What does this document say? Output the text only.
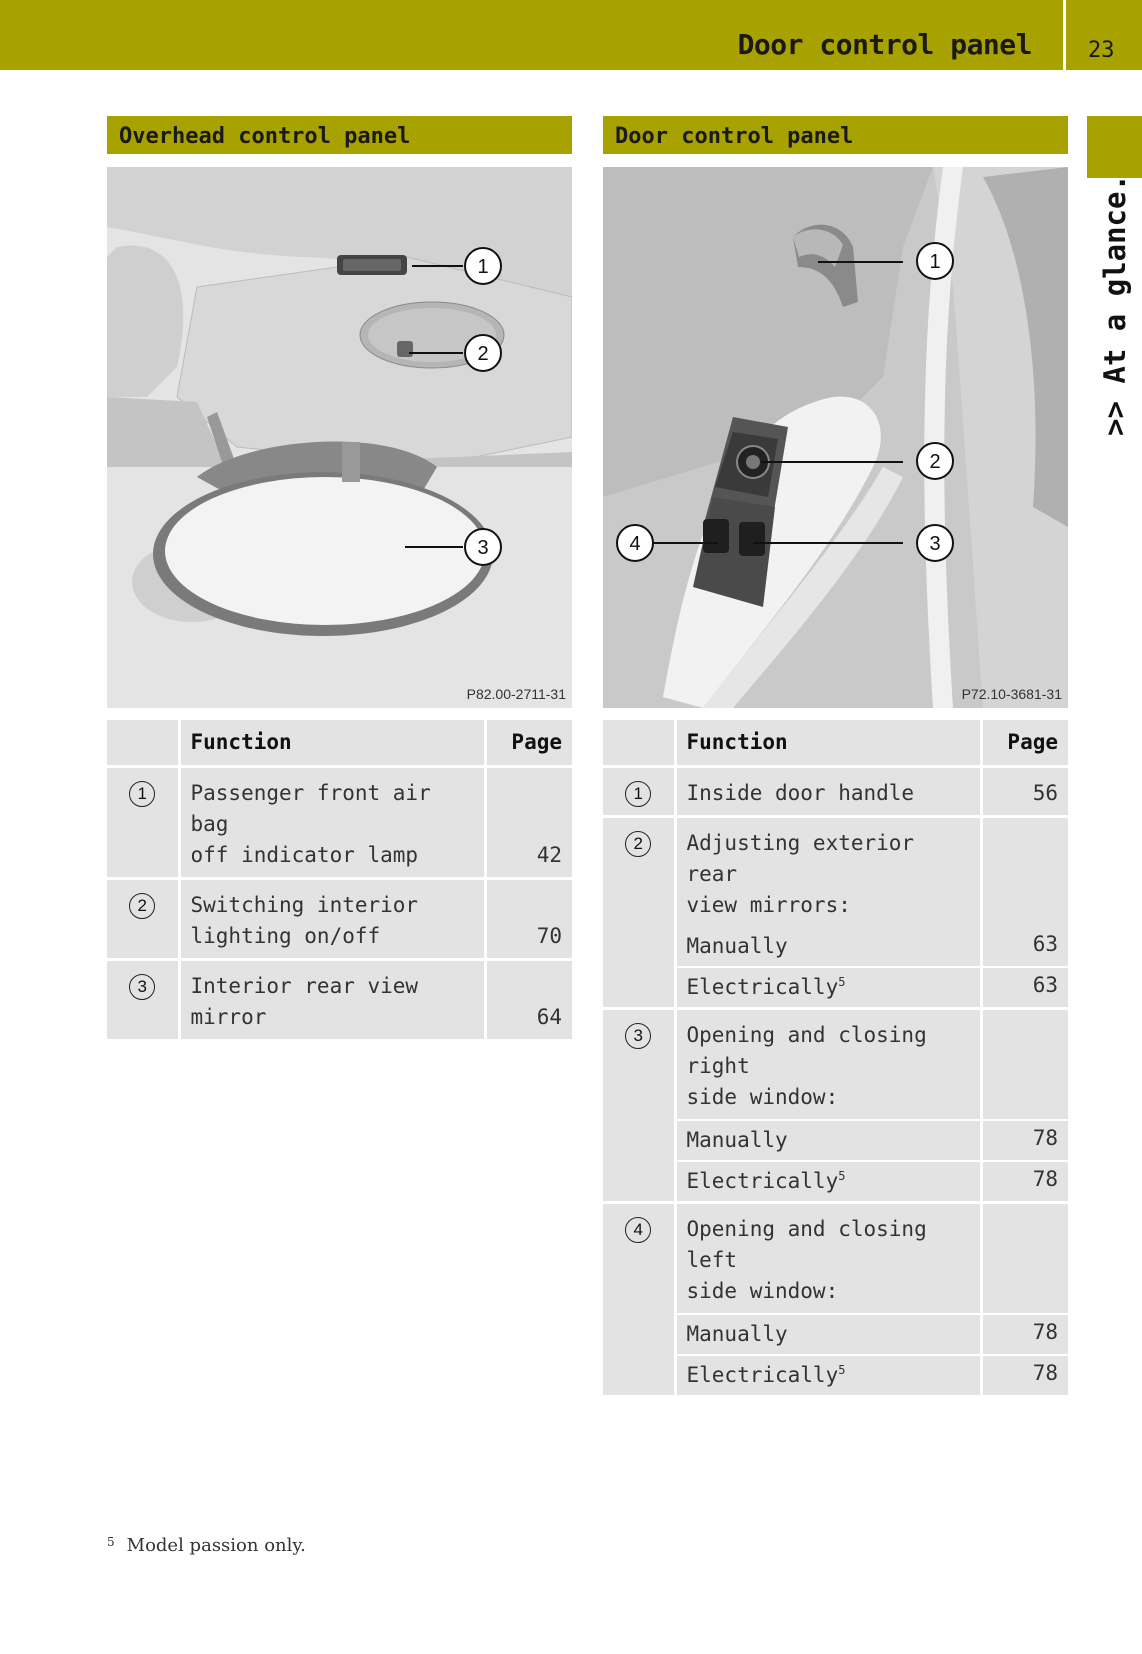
Door control panel	23
>> At a glance.
Overhead control panel
1
2
3
P82.00-2711-31
	Function	Page
1	Passenger front air bag
off indicator lamp	42
2	Switching interior
lighting on/off	70
3	Interior rear view mirror	64
Door control panel
1
2
3
4
P72.10-3681-31
	Function	Page
1	Inside door handle	56
2	Adjusting exterior rear
view mirrors:	

	Manually	63
	Electrically$^5$	63
3	Opening and closing right
side window:	

	Manually	78
	Electrically$^5$	78
4	Opening and closing left
side window:	

	Manually	78
	Electrically$^5$	78
$^5$ Model passion only.
